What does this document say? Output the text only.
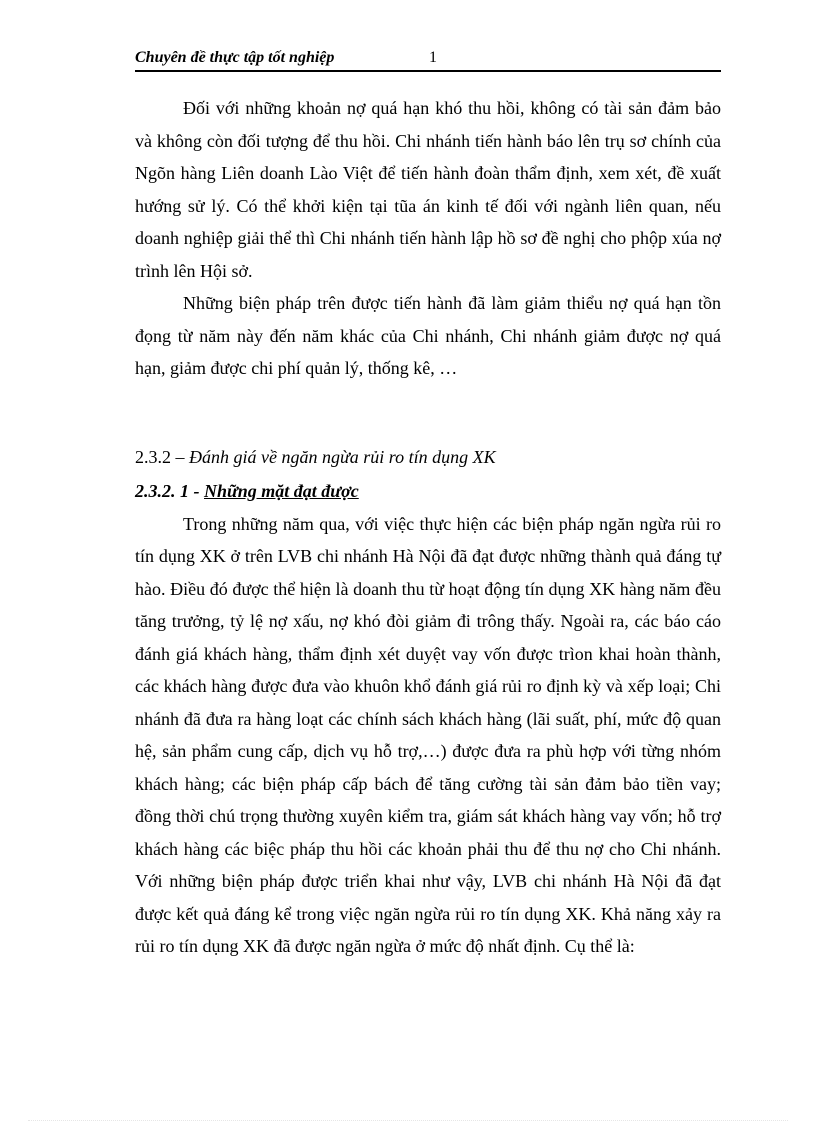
Chuyên đề thực tập tốt nghiệp	1

Đối với những khoản nợ quá hạn khó thu hồi, không có tài sản đảm bảo và không còn đối tượng để thu hồi. Chi nhánh tiến hành báo lên trụ sơ chính của Ngõn hàng Liên doanh Lào Việt để tiến hành đoàn thẩm định, xem xét, đề xuất hướng sử lý. Có thể khởi kiện tại tũa án kinh tế đối với ngành liên quan, nếu doanh nghiệp giải thể thì Chi nhánh tiến hành lập hồ sơ đề nghị cho phộp xúa nợ trình lên Hội sở.

Những biện pháp trên được tiến hành đã làm giảm thiểu nợ quá hạn tồn đọng từ năm này đến năm khác của Chi nhánh, Chi nhánh giảm được nợ quá hạn, giảm được chi phí quản lý, thống kê, …

2.3.2 – Đánh giá về ngăn ngừa rủi ro tín dụng XK

2.3.2. 1 - Những mặt đạt được

Trong những năm qua, với việc thực hiện các biện pháp ngăn ngừa rủi ro tín dụng XK ở trên LVB chi nhánh Hà Nội đã đạt được những thành quả đáng tự hào. Điều đó được thể hiện là doanh thu từ hoạt động tín dụng XK hàng năm đều tăng trưởng, tỷ lệ nợ xấu, nợ khó đòi giảm đi trông thấy. Ngoài ra, các báo cáo đánh giá khách hàng, thẩm định xét duyệt vay vốn được trìon khai hoàn thành, các khách hàng được đưa vào khuôn khổ đánh giá rủi ro định kỳ và xếp loại; Chi nhánh đã đưa ra hàng loạt các chính sách khách hàng (lãi suất, phí, mức độ quan hệ, sản phẩm cung cấp, dịch vụ hỗ trợ,…) được đưa ra phù hợp với từng nhóm khách hàng; các biện pháp cấp bách để tăng cường tài sản đảm bảo tiền vay; đồng thời chú trọng thường xuyên kiểm tra, giám sát khách hàng vay vốn; hỗ trợ khách hàng các biệc pháp thu hồi các khoản phải thu để thu nợ cho Chi nhánh. Với những biện pháp được triển khai như vậy, LVB chi nhánh Hà Nội đã đạt được kết quả đáng kể trong việc ngăn ngừa rủi ro tín dụng XK. Khả năng xảy ra rủi ro tín dụng XK đã được ngăn ngừa ở mức độ nhất định. Cụ thể là:
